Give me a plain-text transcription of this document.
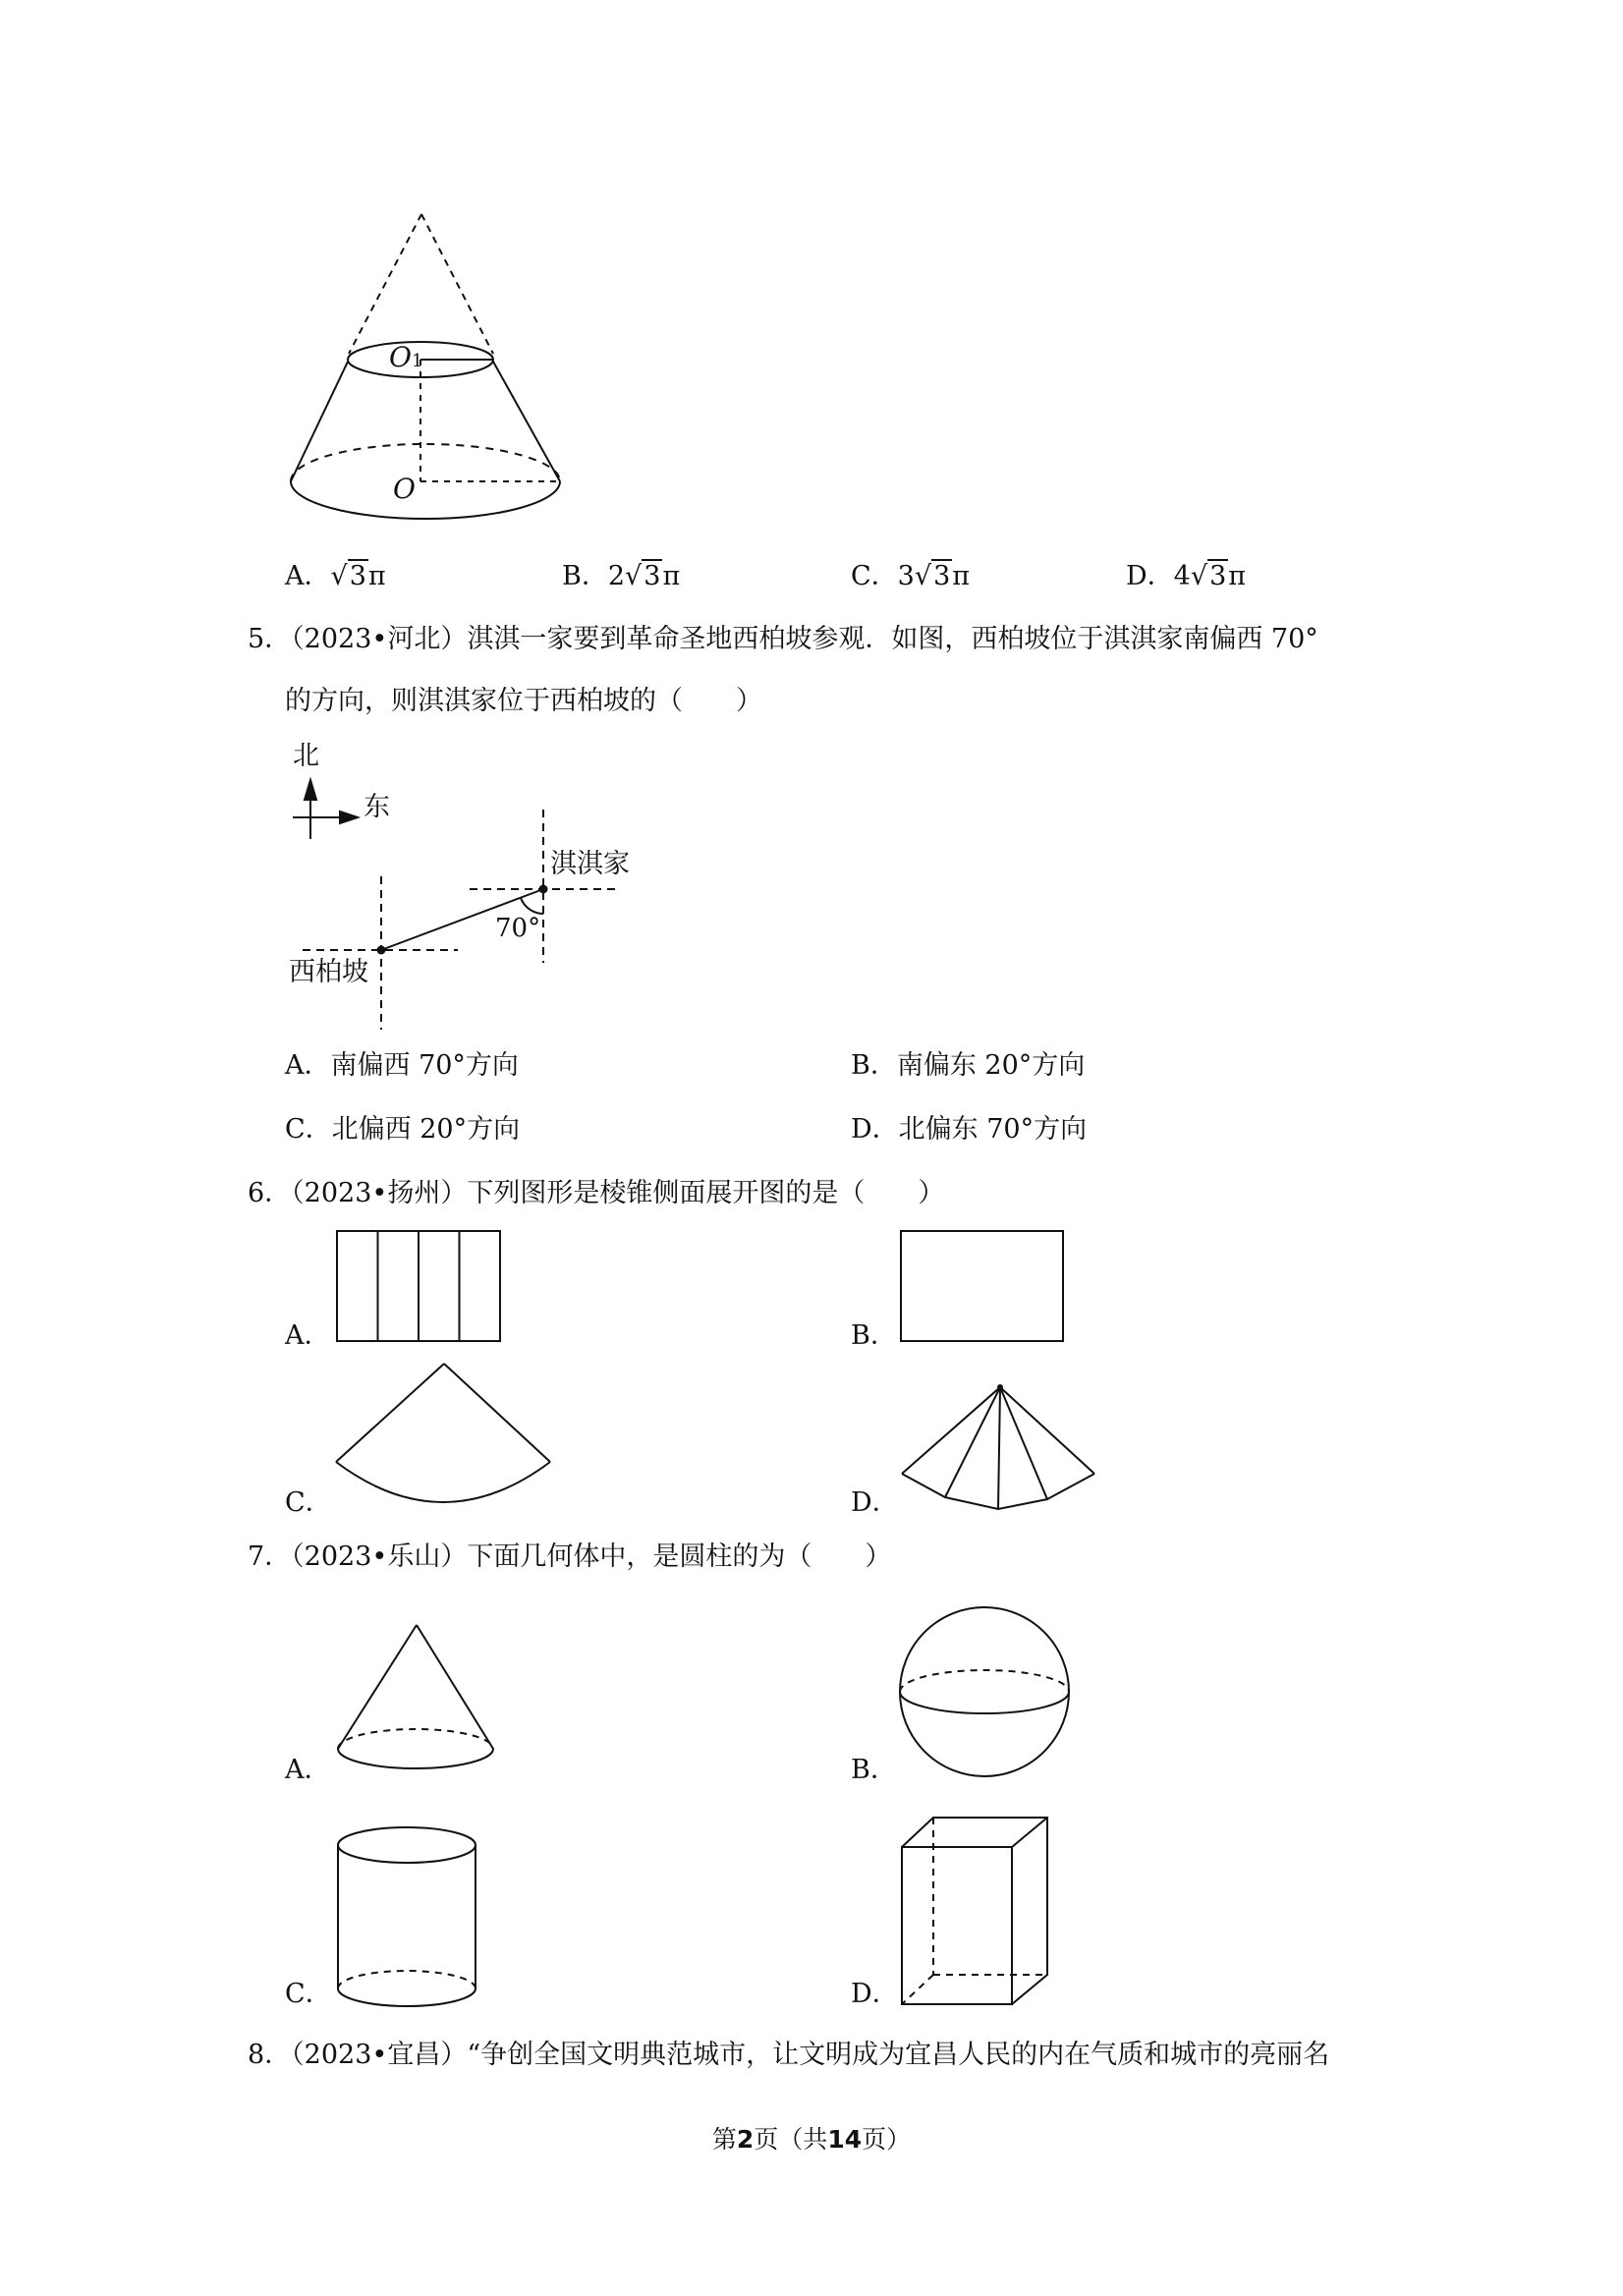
O1
O
A．√3π	B．2√3π	C．3√3π	D．4√3π
5．（2023•河北）淇淇一家要到革命圣地西柏坡参观．如图，西柏坡位于淇淇家南偏西 70°
的方向，则淇淇家位于西柏坡的（　　）
北
东
淇淇家
70°
西柏坡
A．南偏西 70°方向	B．南偏东 20°方向
C．北偏西 20°方向	D．北偏东 70°方向
6．（2023•扬州）下列图形是棱锥侧面展开图的是（　　）
A．	B．
C．	D．
7．（2023•乐山）下面几何体中，是圆柱的为（　　）
A．	B．
C．	D．
8．（2023•宜昌）“争创全国文明典范城市，让文明成为宜昌人民的内在气质和城市的亮丽名
第2页（共14页）
